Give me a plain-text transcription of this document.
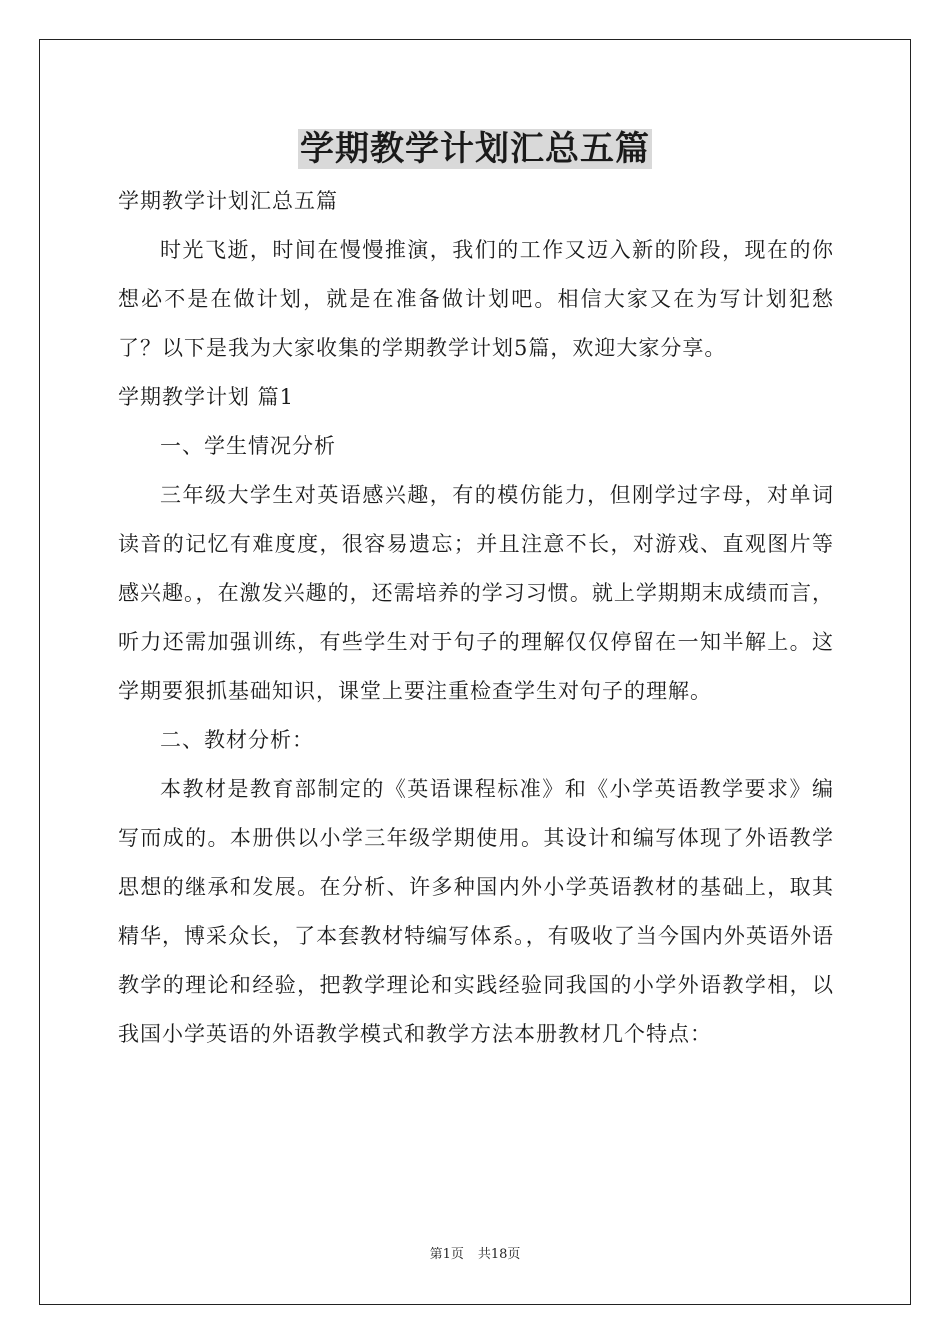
学期教学计划汇总五篇

学期教学计划汇总五篇

时光飞逝，时间在慢慢推演，我们的工作又迈入新的阶段，现在的你想必不是在做计划，就是在准备做计划吧。相信大家又在为写计划犯愁了？以下是我为大家收集的学期教学计划5篇，欢迎大家分享。

学期教学计划 篇1

一、学生情况分析

三年级大学生对英语感兴趣，有的模仿能力，但刚学过字母，对单词读音的记忆有难度度，很容易遗忘；并且注意不长，对游戏、直观图片等感兴趣。，在激发兴趣的，还需培养的学习习惯。就上学期期末成绩而言，听力还需加强训练，有些学生对于句子的理解仅仅停留在一知半解上。这学期要狠抓基础知识，课堂上要注重检查学生对句子的理解。

二、教材分析：

本教材是教育部制定的《英语课程标准》和《小学英语教学要求》编写而成的。本册供以小学三年级学期使用。其设计和编写体现了外语教学思想的继承和发展。在分析、许多种国内外小学英语教材的基础上，取其精华，博采众长，了本套教材特编写体系。，有吸收了当今国内外英语外语教学的理论和经验，把教学理论和实践经验同我国的小学外语教学相，以我国小学英语的外语教学模式和教学方法本册教材几个特点：

第1页 共18页
